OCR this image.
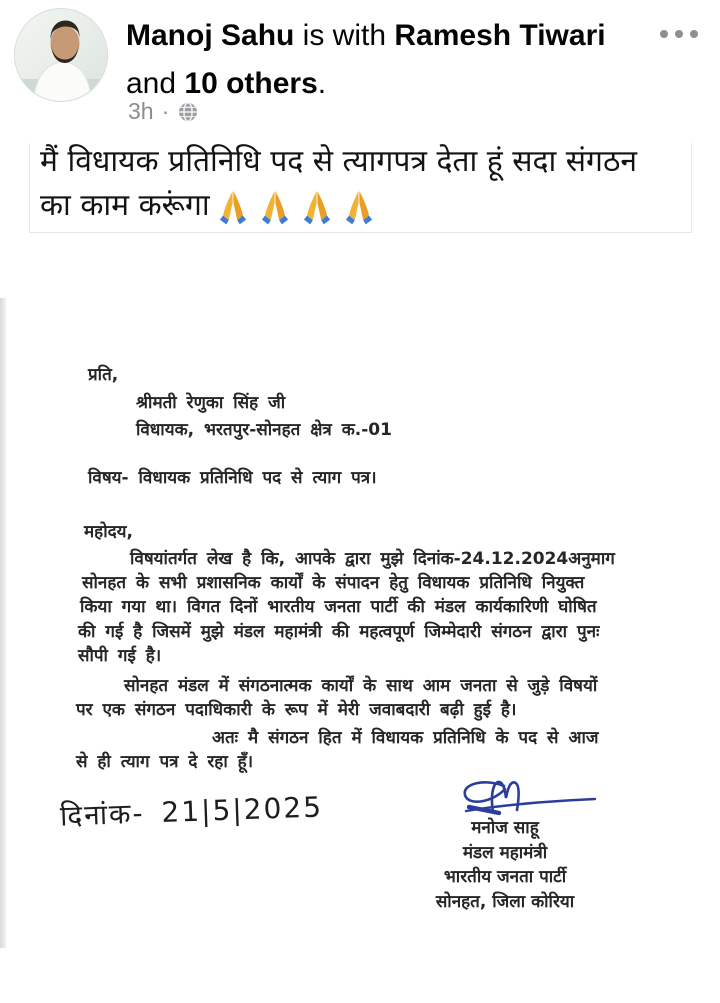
Manoj Sahu is with Ramesh Tiwari
and 10 others.
3h ·
मैं विधायक प्रतिनिधि पद से त्यागपत्र देता हूं सदा संगठन
का काम करूंगा
प्रति,
श्रीमती रेणुका सिंह जी
विधायक, भरतपुर-सोनहत क्षेत्र क.-01
विषय- विधायक प्रतिनिधि पद से त्याग पत्र।
महोदय,
विषयांतर्गत लेख है कि, आपके द्वारा मुझे दिनांक-24.12.2024अनुमाग
सोनहत के सभी प्रशासनिक कार्यों के संपादन हेतु विधायक प्रतिनिधि नियुक्त
किया गया था। विगत दिनों भारतीय जनता पार्टी की मंडल कार्यकारिणी घोषित
की गई है जिसमें मुझे मंडल महामंत्री की महत्वपूर्ण जिम्मेदारी संगठन द्वारा पुनः
सौपी गई है।
सोनहत मंडल में संगठनात्मक कार्यों के साथ आम जनता से जुड़े विषयों
पर एक संगठन पदाधिकारी के रूप में मेरी जवाबदारी बढ़ी हुई है।
अतः मै संगठन हित में विधायक प्रतिनिधि के पद से आज
से ही त्याग पत्र दे रहा हूँ।
दिनांक- 21|5|2025	मनोज साहू
मंडल महामंत्री
भारतीय जनता पार्टी
सोनहत, जिला कोरिया
